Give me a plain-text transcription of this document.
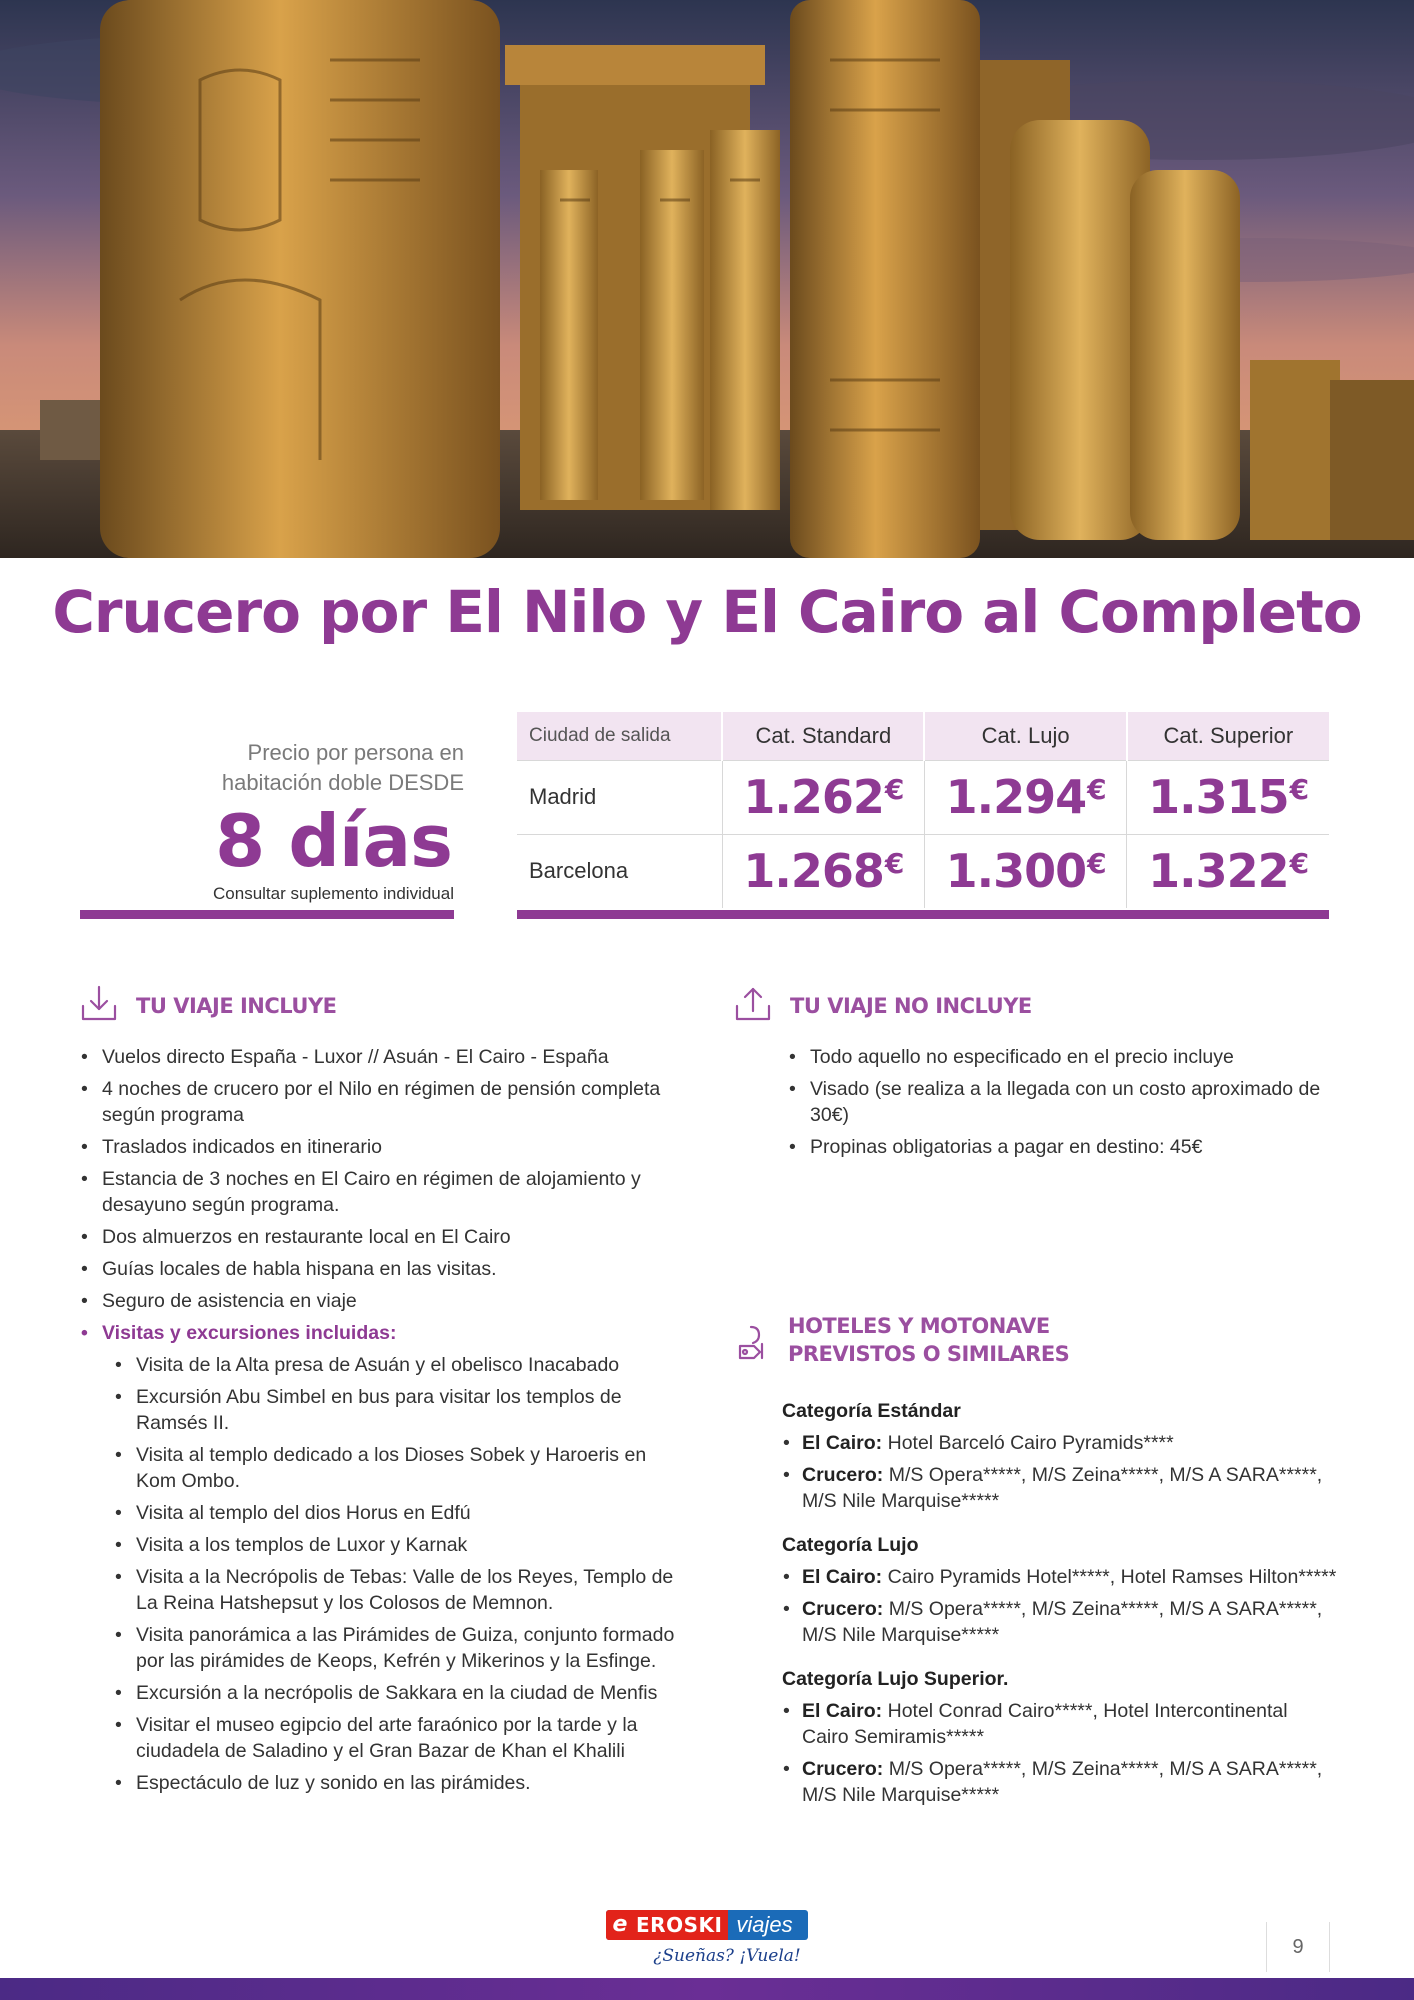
Crucero por El Nilo y El Cairo al Completo
Precio por persona en
habitación doble DESDE
8 días
Consultar suplemento individual
Ciudad de salida	Cat. Standard	Cat. Lujo	Cat. Superior
Madrid	1.262€	1.294€	1.315€
Barcelona	1.268€	1.300€	1.322€
TU VIAJE INCLUYE
• Vuelos directo España - Luxor // Asuán - El Cairo - España
• 4 noches de crucero por el Nilo en régimen de pensión completa según programa
• Traslados indicados en itinerario
• Estancia de 3 noches en El Cairo en régimen de alojamiento y desayuno según programa.
• Dos almuerzos en restaurante local en El Cairo
• Guías locales de habla hispana en las visitas.
• Seguro de asistencia en viaje
• Visitas y excursiones incluidas:
• Visita de la Alta presa de Asuán y el obelisco Inacabado
• Excursión Abu Simbel en bus para visitar los templos de Ramsés II.
• Visita al templo dedicado a los Dioses Sobek y Haroeris en Kom Ombo.
• Visita al templo del dios Horus en Edfú
• Visita a los templos de Luxor y Karnak
• Visita a la Necrópolis de Tebas: Valle de los Reyes, Templo de La Reina Hatshepsut y los Colosos de Memnon.
• Visita panorámica a las Pirámides de Guiza, conjunto formado por las pirámides de Keops, Kefrén y Mikerinos y la Esfinge.
• Excursión a la necrópolis de Sakkara en la ciudad de Menfis
• Visitar el museo egipcio del arte faraónico por la tarde y la ciudadela de Saladino y el Gran Bazar de Khan el Khalili
• Espectáculo de luz y sonido en las pirámides.
TU VIAJE NO INCLUYE
• Todo aquello no especificado en el precio incluye
• Visado (se realiza a la llegada con un costo aproximado de 30€)
• Propinas obligatorias a pagar en destino: 45€
HOTELES Y MOTONAVE
PREVISTOS O SIMILARES
Categoría Estándar
• El Cairo: Hotel Barceló Cairo Pyramids****
• Crucero: M/S Opera*****, M/S Zeina*****, M/S A SARA*****, M/S Nile Marquise*****
Categoría Lujo
• El Cairo: Cairo Pyramids Hotel*****, Hotel Ramses Hilton*****
• Crucero: M/S Opera*****, M/S Zeina*****, M/S A SARA*****, M/S Nile Marquise*****
Categoría Lujo Superior.
• El Cairo: Hotel Conrad Cairo*****, Hotel Intercontinental Cairo Semiramis*****
• Crucero: M/S Opera*****, M/S Zeina*****, M/S A SARA*****, M/S Nile Marquise*****
e EROSKI viajes
¿Sueñas? ¡Vuela!	9
